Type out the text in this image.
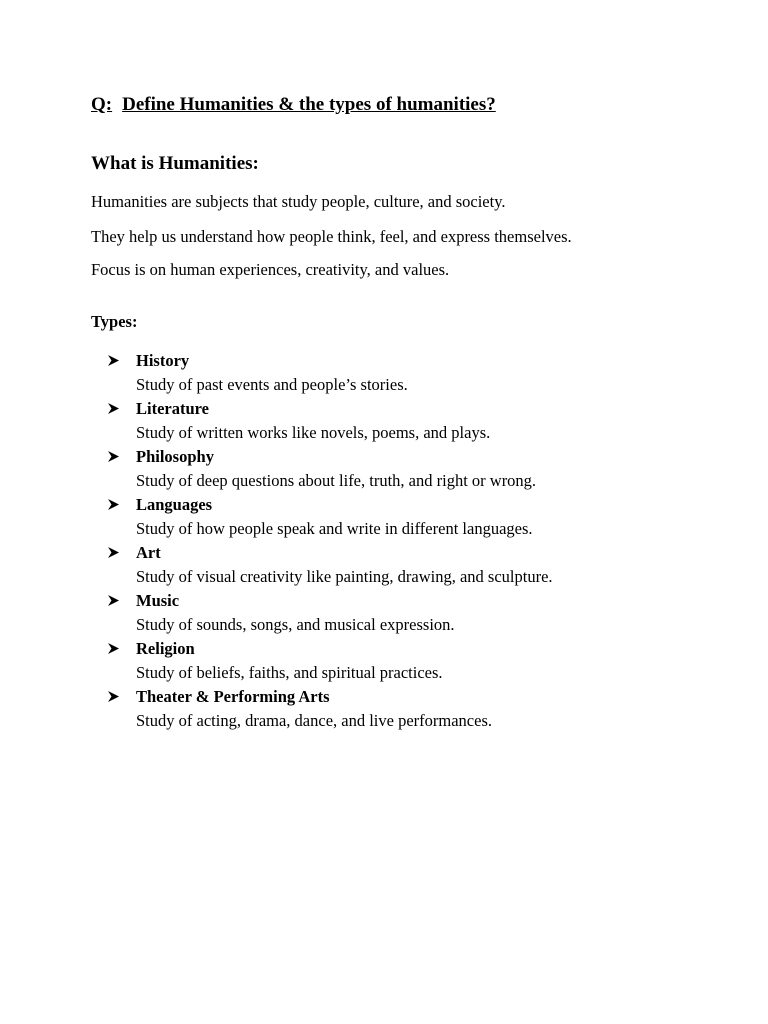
Q: Define Humanities & the types of humanities?
What is Humanities:
Humanities are subjects that study people, culture, and society.
They help us understand how people think, feel, and express themselves.
Focus is on human experiences, creativity, and values.
Types:
History
Study of past events and people’s stories.
Literature
Study of written works like novels, poems, and plays.
Philosophy
Study of deep questions about life, truth, and right or wrong.
Languages
Study of how people speak and write in different languages.
Art
Study of visual creativity like painting, drawing, and sculpture.
Music
Study of sounds, songs, and musical expression.
Religion
Study of beliefs, faiths, and spiritual practices.
Theater & Performing Arts
Study of acting, drama, dance, and live performances.
